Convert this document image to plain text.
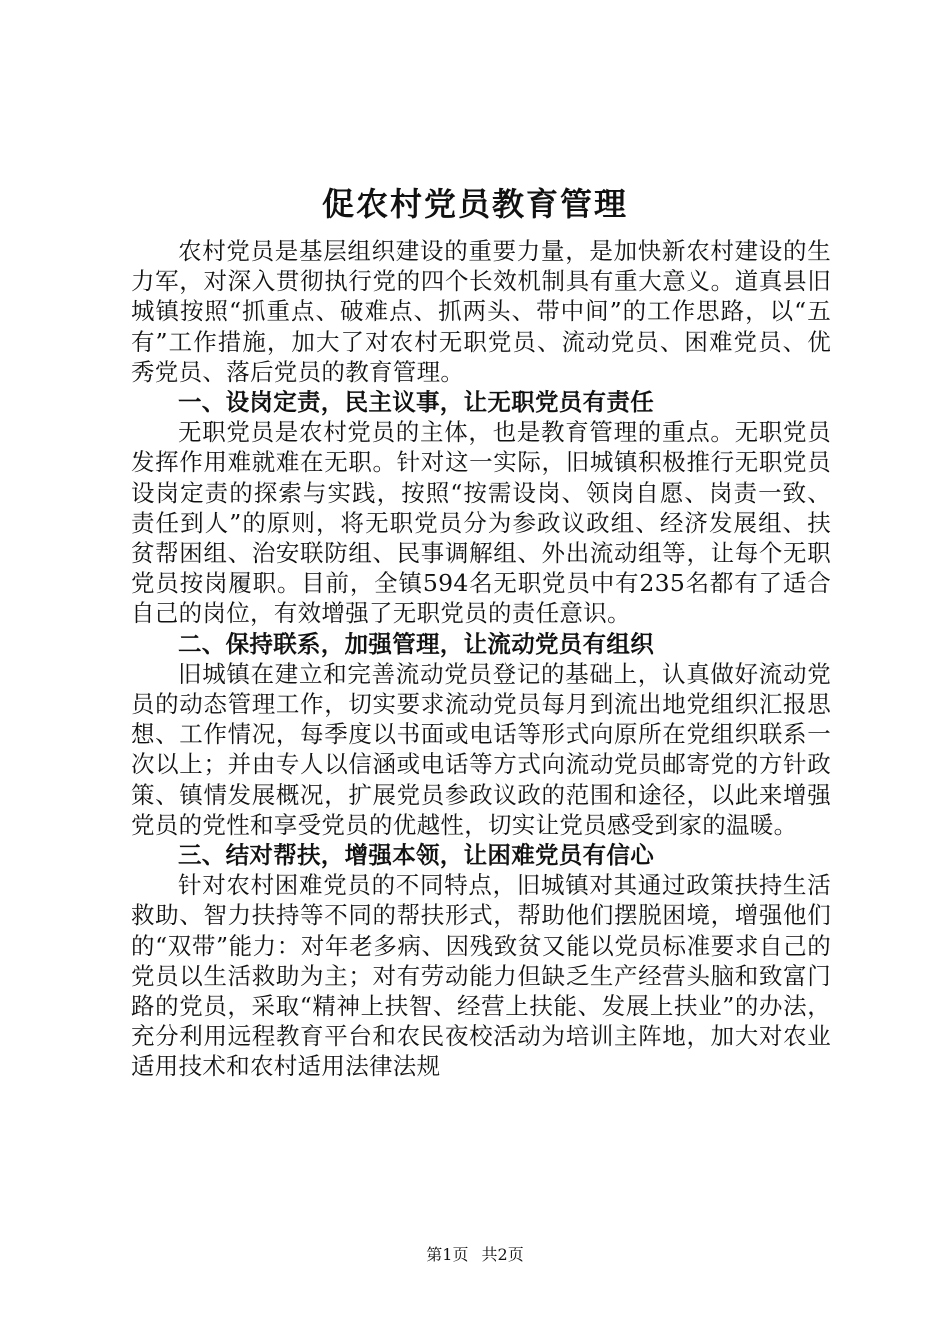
促农村党员教育管理

农村党员是基层组织建设的重要力量，是加快新农村建设的生力军，对深入贯彻执行党的四个长效机制具有重大意义。道真县旧城镇按照“抓重点、破难点、抓两头、带中间”的工作思路，以“五有”工作措施，加大了对农村无职党员、流动党员、困难党员、优秀党员、落后党员的教育管理。

一、设岗定责，民主议事，让无职党员有责任

无职党员是农村党员的主体，也是教育管理的重点。无职党员发挥作用难就难在无职。针对这一实际，旧城镇积极推行无职党员设岗定责的探索与实践，按照“按需设岗、领岗自愿、岗责一致、责任到人”的原则，将无职党员分为参政议政组、经济发展组、扶贫帮困组、治安联防组、民事调解组、外出流动组等，让每个无职党员按岗履职。目前，全镇594名无职党员中有235名都有了适合自己的岗位，有效增强了无职党员的责任意识。

二、保持联系，加强管理，让流动党员有组织

旧城镇在建立和完善流动党员登记的基础上，认真做好流动党员的动态管理工作，切实要求流动党员每月到流出地党组织汇报思想、工作情况，每季度以书面或电话等形式向原所在党组织联系一次以上；并由专人以信涵或电话等方式向流动党员邮寄党的方针政策、镇情发展概况，扩展党员参政议政的范围和途径，以此来增强党员的党性和享受党员的优越性，切实让党员感受到家的温暖。

三、结对帮扶，增强本领，让困难党员有信心

针对农村困难党员的不同特点，旧城镇对其通过政策扶持生活救助、智力扶持等不同的帮扶形式，帮助他们摆脱困境，增强他们的“双带”能力：对年老多病、因残致贫又能以党员标准要求自己的党员以生活救助为主；对有劳动能力但缺乏生产经营头脑和致富门路的党员，采取“精神上扶智、经营上扶能、发展上扶业”的办法，充分利用远程教育平台和农民夜校活动为培训主阵地，加大对农业适用技术和农村适用法律法规

第1页 共2页
